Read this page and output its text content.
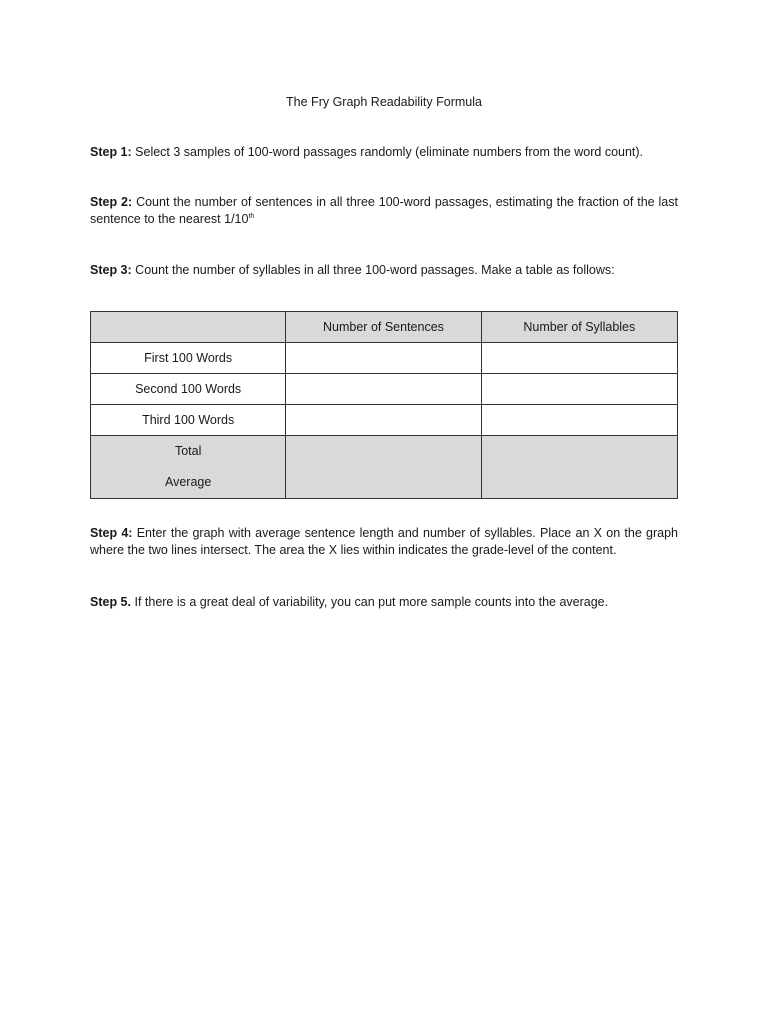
The Fry Graph Readability Formula
Step 1: Select 3 samples of 100-word passages randomly (eliminate numbers from the word count).
Step 2: Count the number of sentences in all three 100-word passages, estimating the fraction of the last sentence to the nearest 1/10th
Step 3: Count the number of syllables in all three 100-word passages. Make a table as follows:
	Number of Sentences	Number of Syllables
First 100 Words		
Second 100 Words		
Third 100 Words		

Total
Average		

Step 4: Enter the graph with average sentence length and number of syllables. Place an X on the graph where the two lines intersect. The area the X lies within indicates the grade-level of the content.
Step 5. If there is a great deal of variability, you can put more sample counts into the average.
